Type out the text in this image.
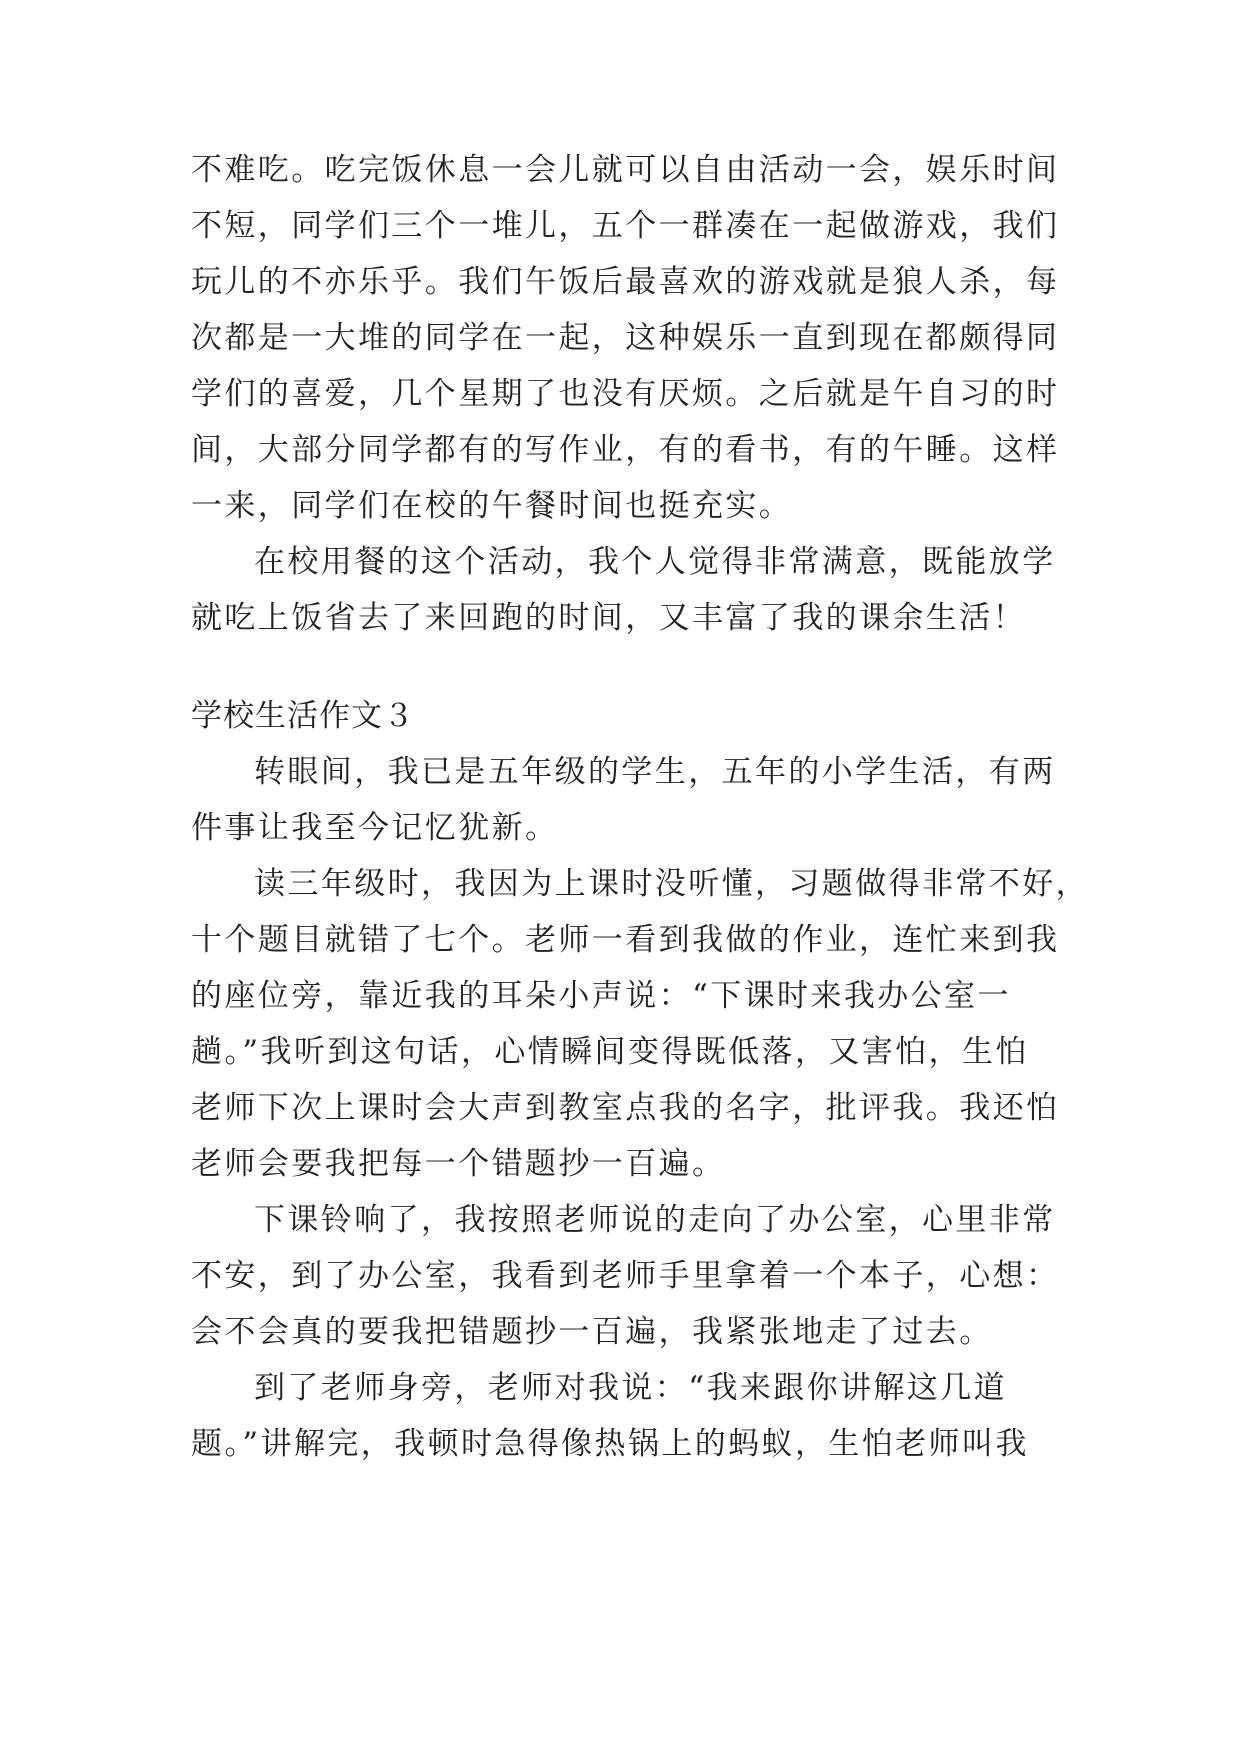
不难吃。吃完饭休息一会儿就可以自由活动一会，娱乐时间
不短，同学们三个一堆儿，五个一群凑在一起做游戏，我们
玩儿的不亦乐乎。我们午饭后最喜欢的游戏就是狼人杀，每
次都是一大堆的同学在一起，这种娱乐一直到现在都颇得同
学们的喜爱，几个星期了也没有厌烦。之后就是午自习的时
间，大部分同学都有的写作业，有的看书，有的午睡。这样
一来，同学们在校的午餐时间也挺充实。
在校用餐的这个活动，我个人觉得非常满意，既能放学
就吃上饭省去了来回跑的时间，又丰富了我的课余生活！
学校生活作文３
转眼间，我已是五年级的学生，五年的小学生活，有两
件事让我至今记忆犹新。
读三年级时，我因为上课时没听懂，习题做得非常不好，
十个题目就错了七个。老师一看到我做的作业，连忙来到我
的座位旁，靠近我的耳朵小声说：“下课时来我办公室一
趟。”我听到这句话，心情瞬间变得既低落，又害怕，生怕
老师下次上课时会大声到教室点我的名字，批评我。我还怕
老师会要我把每一个错题抄一百遍。
下课铃响了，我按照老师说的走向了办公室，心里非常
不安，到了办公室，我看到老师手里拿着一个本子，心想：
会不会真的要我把错题抄一百遍，我紧张地走了过去。
到了老师身旁，老师对我说：“我来跟你讲解这几道
题。”讲解完，我顿时急得像热锅上的蚂蚁，生怕老师叫我
